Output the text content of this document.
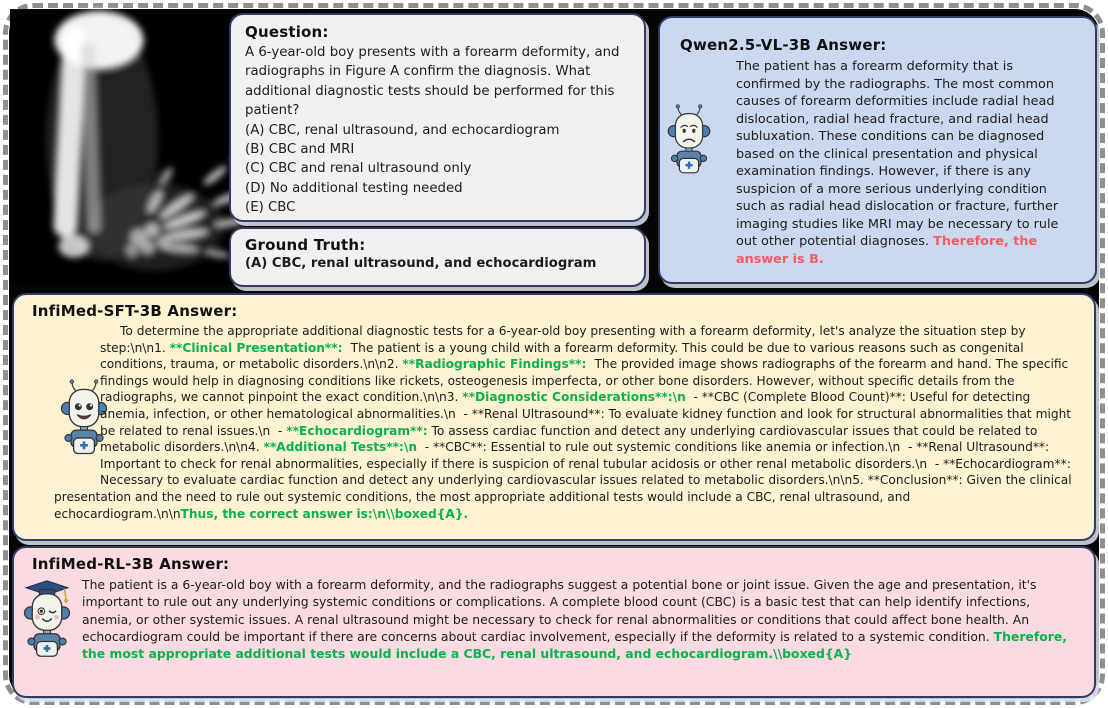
Question:
A 6-year-old boy presents with a forearm deformity, and radiographs in Figure A confirm the diagnosis. What additional diagnostic tests should be performed for this patient?
(A) CBC, renal ultrasound, and echocardiogram
(B) CBC and MRI
(C) CBC and renal ultrasound only
(D) No additional testing needed
(E) CBC
Ground Truth:
(A) CBC, renal ultrasound, and echocardiogram
Qwen2.5-VL-3B Answer:
The patient has a forearm deformity that is confirmed by the radiographs. The most common causes of forearm deformities include radial head dislocation, radial head fracture, and radial head subluxation. These conditions can be diagnosed based on the clinical presentation and physical examination findings. However, if there is any suspicion of a more serious underlying condition such as radial head dislocation or fracture, further imaging studies like MRI may be necessary to rule out other potential diagnoses. Therefore, the answer is B.
InfiMed-SFT-3B Answer:
To determine the appropriate additional diagnostic tests for a 6-year-old boy presenting with a forearm deformity, let's analyze the situation step by step:\n\n1. **Clinical Presentation**:  The patient is a young child with a forearm deformity. This could be due to various reasons such as congenital conditions, trauma, or metabolic disorders.\n\n2. **Radiographic Findings**:  The provided image shows radiographs of the forearm and hand. The specific findings would help in diagnosing conditions like rickets, osteogenesis imperfecta, or other bone disorders. However, without specific details from the radiographs, we cannot pinpoint the exact condition.\n\n3. **Diagnostic Considerations**:\n  - **CBC (Complete Blood Count)**: Useful for detecting anemia, infection, or other hematological abnormalities.\n  - **Renal Ultrasound**: To evaluate kidney function and look for structural abnormalities that might be related to renal issues.\n  - **Echocardiogram**: To assess cardiac function and detect any underlying cardiovascular issues that could be related to metabolic disorders.\n\n4. **Additional Tests**:\n  - **CBC**: Essential to rule out systemic conditions like anemia or infection.\n  - **Renal Ultrasound**: Important to check for renal abnormalities, especially if there is suspicion of renal tubular acidosis or other renal metabolic disorders.\n  - **Echocardiogram**: Necessary to evaluate cardiac function and detect any underlying cardiovascular issues related to metabolic disorders.\n\n5. **Conclusion**: Given the clinical presentation and the need to rule out systemic conditions, the most appropriate additional tests would include a CBC, renal ultrasound, and echocardiogram.\n\nThus, the correct answer is:\n\\boxed{A}.
InfiMed-RL-3B Answer:
The patient is a 6-year-old boy with a forearm deformity, and the radiographs suggest a potential bone or joint issue. Given the age and presentation, it's important to rule out any underlying systemic conditions or complications. A complete blood count (CBC) is a basic test that can help identify infections, anemia, or other systemic issues. A renal ultrasound might be necessary to check for renal abnormalities or conditions that could affect bone health. An echocardiogram could be important if there are concerns about cardiac involvement, especially if the deformity is related to a systemic condition. Therefore, the most appropriate additional tests would include a CBC, renal ultrasound, and echocardiogram.\\boxed{A}
